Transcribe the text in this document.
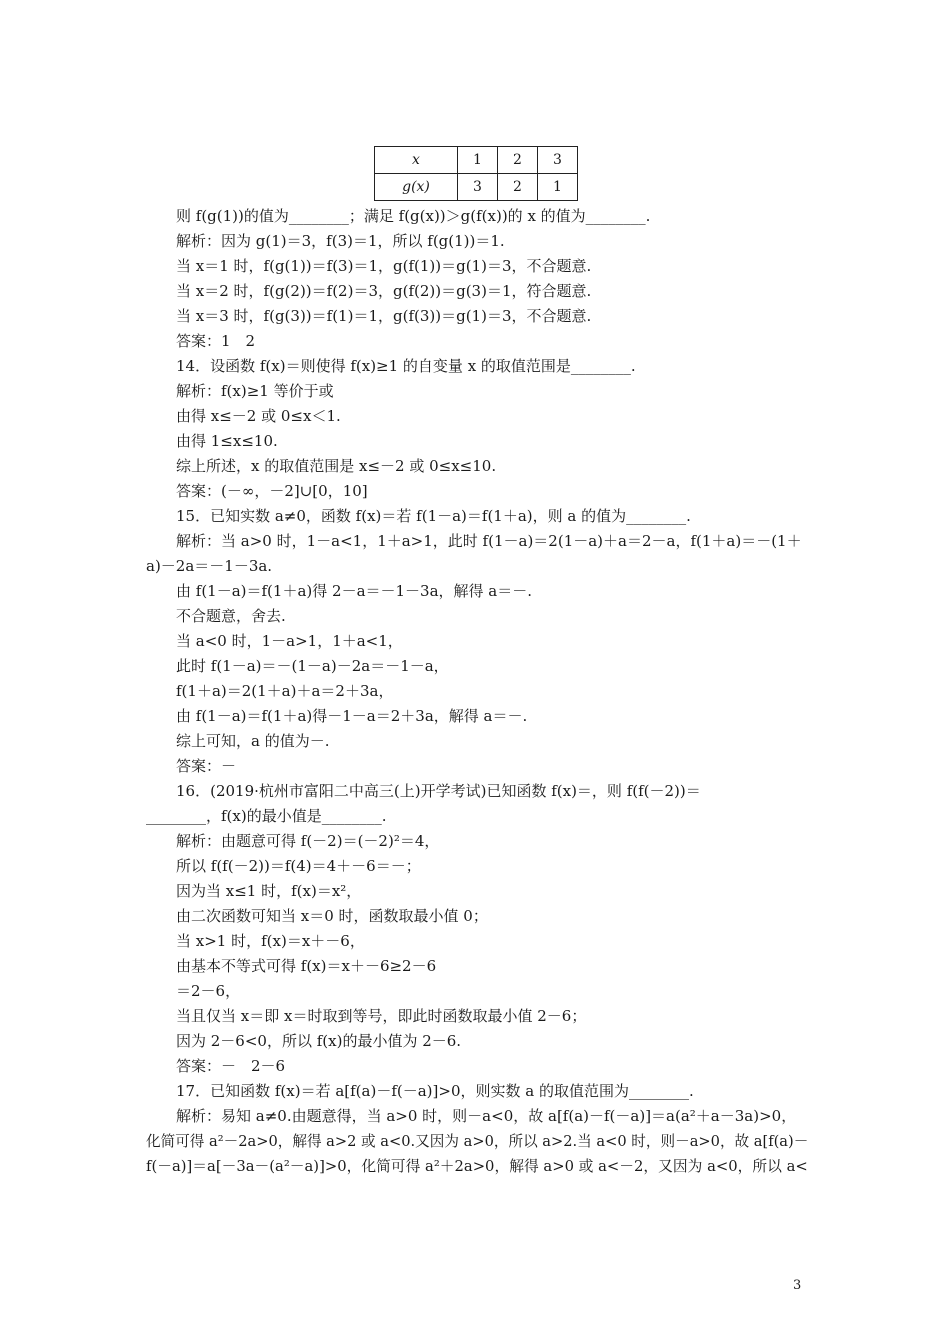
x	1	2	3
g(x)	3	2	1
则 f(g(1))的值为________；满足 f(g(x))＞g(f(x))的 x 的值为________.
解析：因为 g(1)＝3，f(3)＝1，所以 f(g(1))＝1.
当 x＝1 时，f(g(1))＝f(3)＝1，g(f(1))＝g(1)＝3，不合题意.
当 x＝2 时，f(g(2))＝f(2)＝3，g(f(2))＝g(3)＝1，符合题意.
当 x＝3 时，f(g(3))＝f(1)＝1，g(f(3))＝g(1)＝3，不合题意.
答案：1　2
14．设函数 f(x)＝则使得 f(x)≥1 的自变量 x 的取值范围是________.
解析：f(x)≥1 等价于或
由得 x≤－2 或 0≤x＜1.
由得 1≤x≤10.
综上所述，x 的取值范围是 x≤－2 或 0≤x≤10.
答案：(－∞，－2]∪[0，10]
15．已知实数 a≠0，函数 f(x)＝若 f(1－a)＝f(1＋a)，则 a 的值为________.
解析：当 a>0 时，1－a<1，1＋a>1，此时 f(1－a)＝2(1－a)＋a＝2－a，f(1＋a)＝－(1＋
a)－2a＝－1－3a.
由 f(1－a)＝f(1＋a)得 2－a＝－1－3a，解得 a＝－.
不合题意，舍去.
当 a<0 时，1－a>1，1＋a<1，
此时 f(1－a)＝－(1－a)－2a＝－1－a，
f(1＋a)＝2(1＋a)＋a＝2＋3a，
由 f(1－a)＝f(1＋a)得－1－a＝2＋3a，解得 a＝－.
综上可知，a 的值为－.
答案：－
16．(2019·杭州市富阳二中高三(上)开学考试)已知函数 f(x)＝，则 f(f(－2))＝
________，f(x)的最小值是________.
解析：由题意可得 f(－2)＝(－2)²＝4，
所以 f(f(－2))＝f(4)＝4＋－6＝－；
因为当 x≤1 时，f(x)＝x²，
由二次函数可知当 x＝0 时，函数取最小值 0；
当 x>1 时，f(x)＝x＋－6，
由基本不等式可得 f(x)＝x＋－6≥2－6
＝2－6，
当且仅当 x＝即 x＝时取到等号，即此时函数取最小值 2－6；
因为 2－6<0，所以 f(x)的最小值为 2－6.
答案：－　2－6
17．已知函数 f(x)＝若 a[f(a)－f(－a)]>0，则实数 a 的取值范围为________.
解析：易知 a≠0.由题意得，当 a>0 时，则－a<0，故 a[f(a)－f(－a)]＝a(a²＋a－3a)>0，
化简可得 a²－2a>0，解得 a>2 或 a<0.又因为 a>0，所以 a>2.当 a<0 时，则－a>0，故 a[f(a)－
f(－a)]＝a[－3a－(a²－a)]>0，化简可得 a²＋2a>0，解得 a>0 或 a<－2，又因为 a<0，所以 a<
3
